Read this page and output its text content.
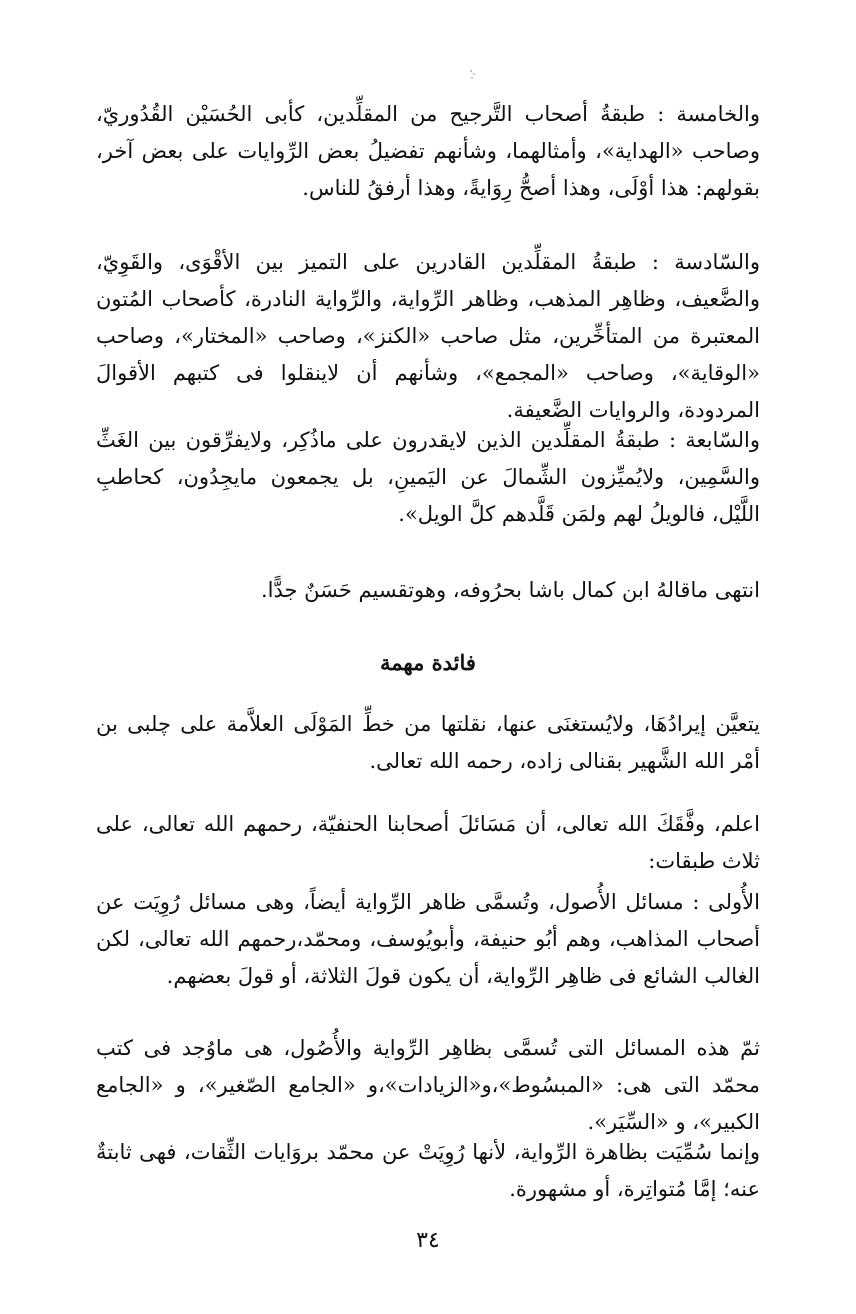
والخامسة : طبقةُ أصحاب التَّرجيح من المقلِّدين، كأبى الحُسَيْن القُدُوريّ، وصاحب «الهداية»، وأمثالهما، وشأنهم تفضيلُ بعض الرِّوايات على بعض آخر، بقولهم: هذا أوْلَى، وهذا أصحُّ رِوَايةً، وهذا أرفقُ للناس.

والسّادسة : طبقةُ المقلِّدين القادرين على التميز بين الأقْوَى، والقَوِيّ، والضَّعيف، وظاهِر المذهب، وظاهر الرِّواية، والرِّواية النادرة، كأصحاب المُتون المعتبرة من المتأخِّرين، مثل صاحب «الكنز»، وصاحب «المختار»، وصاحب «الوقاية»، وصاحب «المجمع»، وشأنهم أن لاينقلوا فى كتبهم الأقوالَ المردودة، والروايات الضَّعيفة.

والسّابعة : طبقةُ المقلِّدين الذين لايقدرون على ماذُكِر، ولايفرِّقون بين الغَثِّ والسَّمِين، ولايُميِّزون الشِّمالَ عن اليَمينِ، بل يجمعون مايجِدُون، كحاطبِ اللَّيْل، فالويلُ لهم ولمَن قَلَّدهم كلَّ الويل».

انتهى ماقالهُ ابن كمال باشا بحرُوفه، وهوتقسيم حَسَنٌ جدًّا.

فائدة مهمة

يتعيَّن إيرادُهَا، ولايُستغنَى عنها، نقلتها من خطِّ المَوْلَى العلاَّمة على چلبى بن أمْر الله الشَّهير بقنالى زاده، رحمه الله تعالى.

اعلم، وفَّقَكَ الله تعالى، أن مَسَائلَ أصحابنا الحنفيّة، رحمهم الله تعالى، على ثلاث طبقات:

الأُولى : مسائل الأُصول، وتُسمَّى ظاهر الرِّواية أيضاً، وهى مسائل رُوِيَت عن أصحاب المذاهب، وهم أبُو حنيفة، وأبويُوسف، ومحمّد،رحمهم الله تعالى، لكن الغالب الشائع فى ظاهِر الرِّواية، أن يكون قولَ الثلاثة، أو قولَ بعضهم.

ثمّ هذه المسائل التى تُسمَّى بظاهِر الرِّواية والأُصُول، هى ماوُجد فى كتب محمّد التى هى: «المبسُوط»،و«الزيادات»،و «الجامع الصّغير»، و «الجامع الكبير»، و «السِّيَر».

وإنما سُمِّيَت بظاهرة الرِّواية، لأنها رُوِيَتْ عن محمّد بروَايات الثِّقات، فهى ثابتةٌ عنه؛ إمَّا مُتواتِرة، أو مشهورة.

٣٤
